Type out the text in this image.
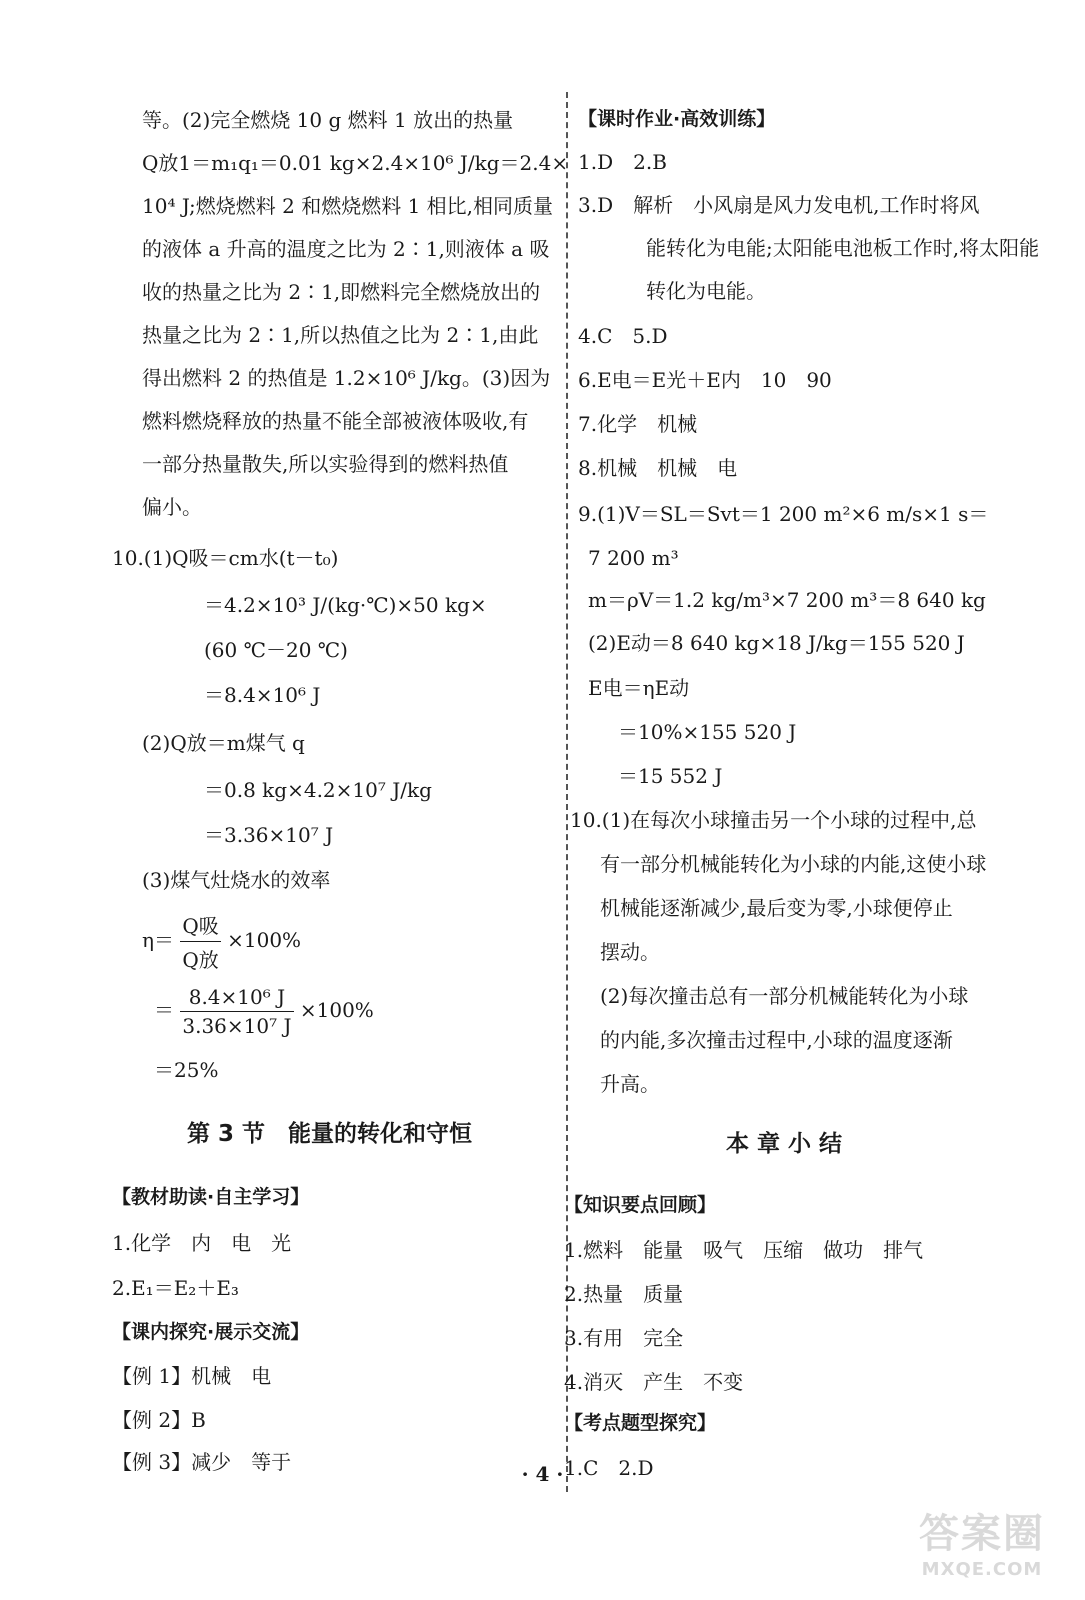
等。(2)完全燃烧 10 g 燃料 1 放出的热量
Q放1＝m₁q₁＝0.01 kg×2.4×10⁶ J/kg＝2.4×
10⁴ J;燃烧燃料 2 和燃烧燃料 1 相比,相同质量
的液体 a 升高的温度之比为 2∶1,则液体 a 吸
收的热量之比为 2∶1,即燃料完全燃烧放出的
热量之比为 2∶1,所以热值之比为 2∶1,由此
得出燃料 2 的热值是 1.2×10⁶ J/kg。(3)因为
燃料燃烧释放的热量不能全部被液体吸收,有
一部分热量散失,所以实验得到的燃料热值
偏小。
10.(1)Q吸＝cm水(t－t₀)
＝4.2×10³ J/(kg·℃)×50 kg×
(60 ℃－20 ℃)
＝8.4×10⁶ J
(2)Q放＝m煤气 q
＝0.8 kg×4.2×10⁷ J/kg
＝3.36×10⁷ J
(3)煤气灶烧水的效率
$\eta= \frac{\text{Q吸}}{\text{Q放}} \times 100\%$
＝ $\frac{\text{8.4×10⁶ J}}{\text{3.36×10⁷ J}} \times 100\%$
＝25%
第 3 节　能量的转化和守恒
【教材助读·自主学习】
1.化学　内　电　光
2.E₁＝E₂＋E₃
【课内探究·展示交流】
【例 1】机械　电
【例 2】B
【例 3】减少　等于
【课时作业·高效训练】
1.D　2.B
3.D　解析　小风扇是风力发电机,工作时将风
能转化为电能;太阳能电池板工作时,将太阳能
转化为电能。
4.C　5.D
6.E电＝E光＋E内　10　90
7.化学　机械
8.机械　机械　电
9.(1)V＝SL＝Svt＝1 200 m²×6 m/s×1 s＝
7 200 m³
m＝ρV＝1.2 kg/m³×7 200 m³＝8 640 kg
(2)E动＝8 640 kg×18 J/kg＝155 520 J
E电＝ηE动
＝10%×155 520 J
＝15 552 J
10.(1)在每次小球撞击另一个小球的过程中,总
有一部分机械能转化为小球的内能,这使小球
机械能逐渐减少,最后变为零,小球便停止
摆动。
(2)每次撞击总有一部分机械能转化为小球
的内能,多次撞击过程中,小球的温度逐渐
升高。
本 章 小 结
【知识要点回顾】
1.燃料　能量　吸气　压缩　做功　排气
2.热量　质量
3.有用　完全
4.消灭　产生　不变
【考点题型探究】
1.C　2.D
· 4 ·
答案圈
MXQE.COM
